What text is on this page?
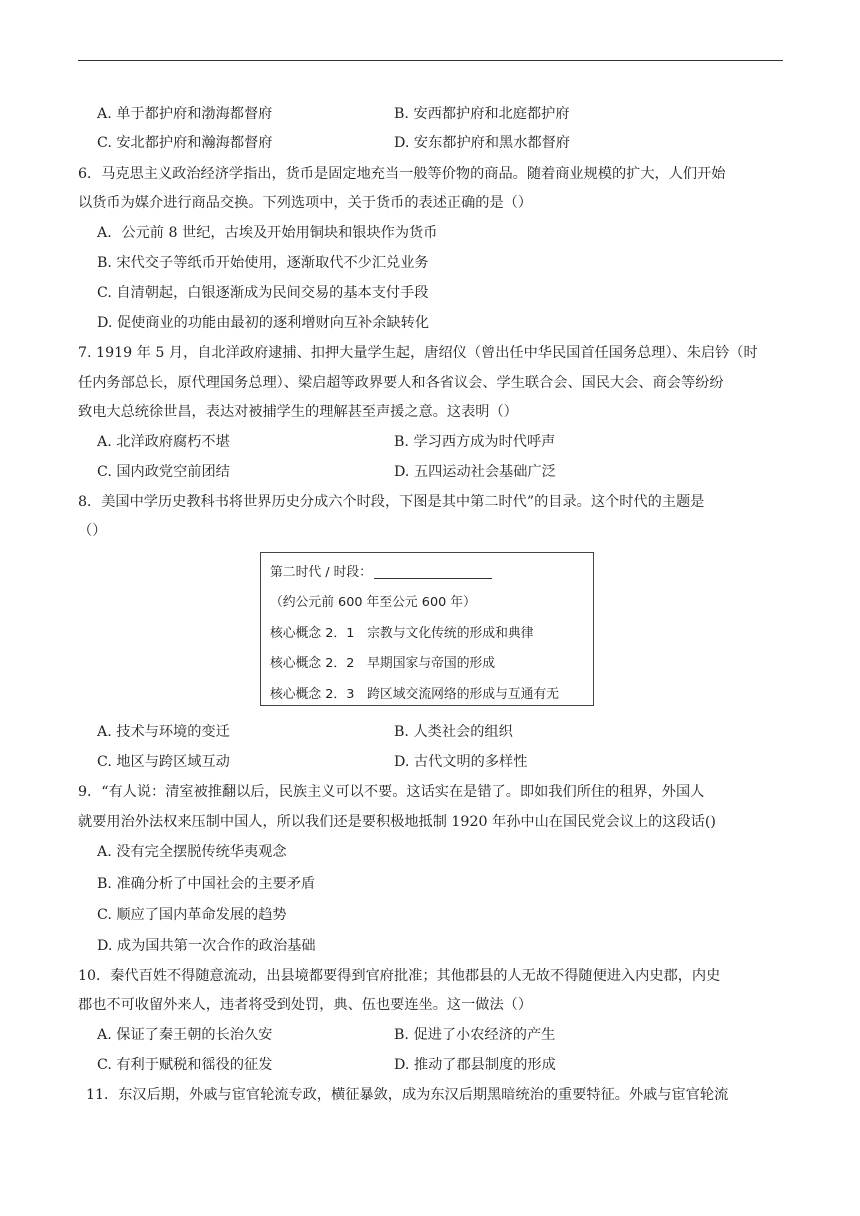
A. 单于都护府和渤海都督府	B. 安西都护府和北庭都护府
C. 安北都护府和瀚海都督府	D. 安东都护府和黑水都督府
6．马克思主义政治经济学指出，货币是固定地充当一般等价物的商品。随着商业规模的扩大，人们开始
以货币为媒介进行商品交换。下列选项中，关于货币的表述正确的是（）
A．公元前 8 世纪，古埃及开始用铜块和银块作为货币
B. 宋代交子等纸币开始使用，逐渐取代不少汇兑业务
C. 自清朝起，白银逐渐成为民间交易的基本支付手段
D. 促使商业的功能由最初的逐利增财向互补余缺转化
7. 1919 年 5 月，自北洋政府逮捕、扣押大量学生起，唐绍仪（曾出任中华民国首任国务总理）、朱启钤（时
任内务部总长，原代理国务总理）、梁启超等政界要人和各省议会、学生联合会、国民大会、商会等纷纷
致电大总统徐世昌，表达对被捕学生的理解甚至声援之意。这表明（）
A. 北洋政府腐朽不堪	B. 学习西方成为时代呼声
C. 国内政党空前团结	D. 五四运动社会基础广泛
8．美国中学历史教科书将世界历史分成六个时段，下图是其中第二时代”的目录。这个时代的主题是
（）
第二时代 / 时段：
（约公元前 600 年至公元 600 年）
核心概念 2．1　宗教与文化传统的形成和典律
核心概念 2．2　早期国家与帝国的形成
核心概念 2．3　跨区域交流网络的形成与互通有无
A. 技术与环境的变迁	B. 人类社会的组织
C. 地区与跨区域互动	D. 古代文明的多样性
9．“有人说：清室被推翻以后，民族主义可以不要。这话实在是错了。即如我们所住的租界，外国人
就要用治外法权来压制中国人，所以我们还是要积极地抵制 1920 年孙中山在国民党会议上的这段话()
A. 没有完全摆脱传统华夷观念
B. 准确分析了中国社会的主要矛盾
C. 顺应了国内革命发展的趋势
D. 成为国共第一次合作的政治基础
10．秦代百姓不得随意流动，出县境都要得到官府批准；其他郡县的人无故不得随便进入内史郡，内史
郡也不可收留外来人，违者将受到处罚，典、伍也要连坐。这一做法（）
A. 保证了秦王朝的长治久安	B. 促进了小农经济的产生
C. 有利于赋税和徭役的征发	D. 推动了郡县制度的形成
11．东汉后期，外戚与宦官轮流专政，横征暴敛，成为东汉后期黑暗统治的重要特征。外戚与宦官轮流
